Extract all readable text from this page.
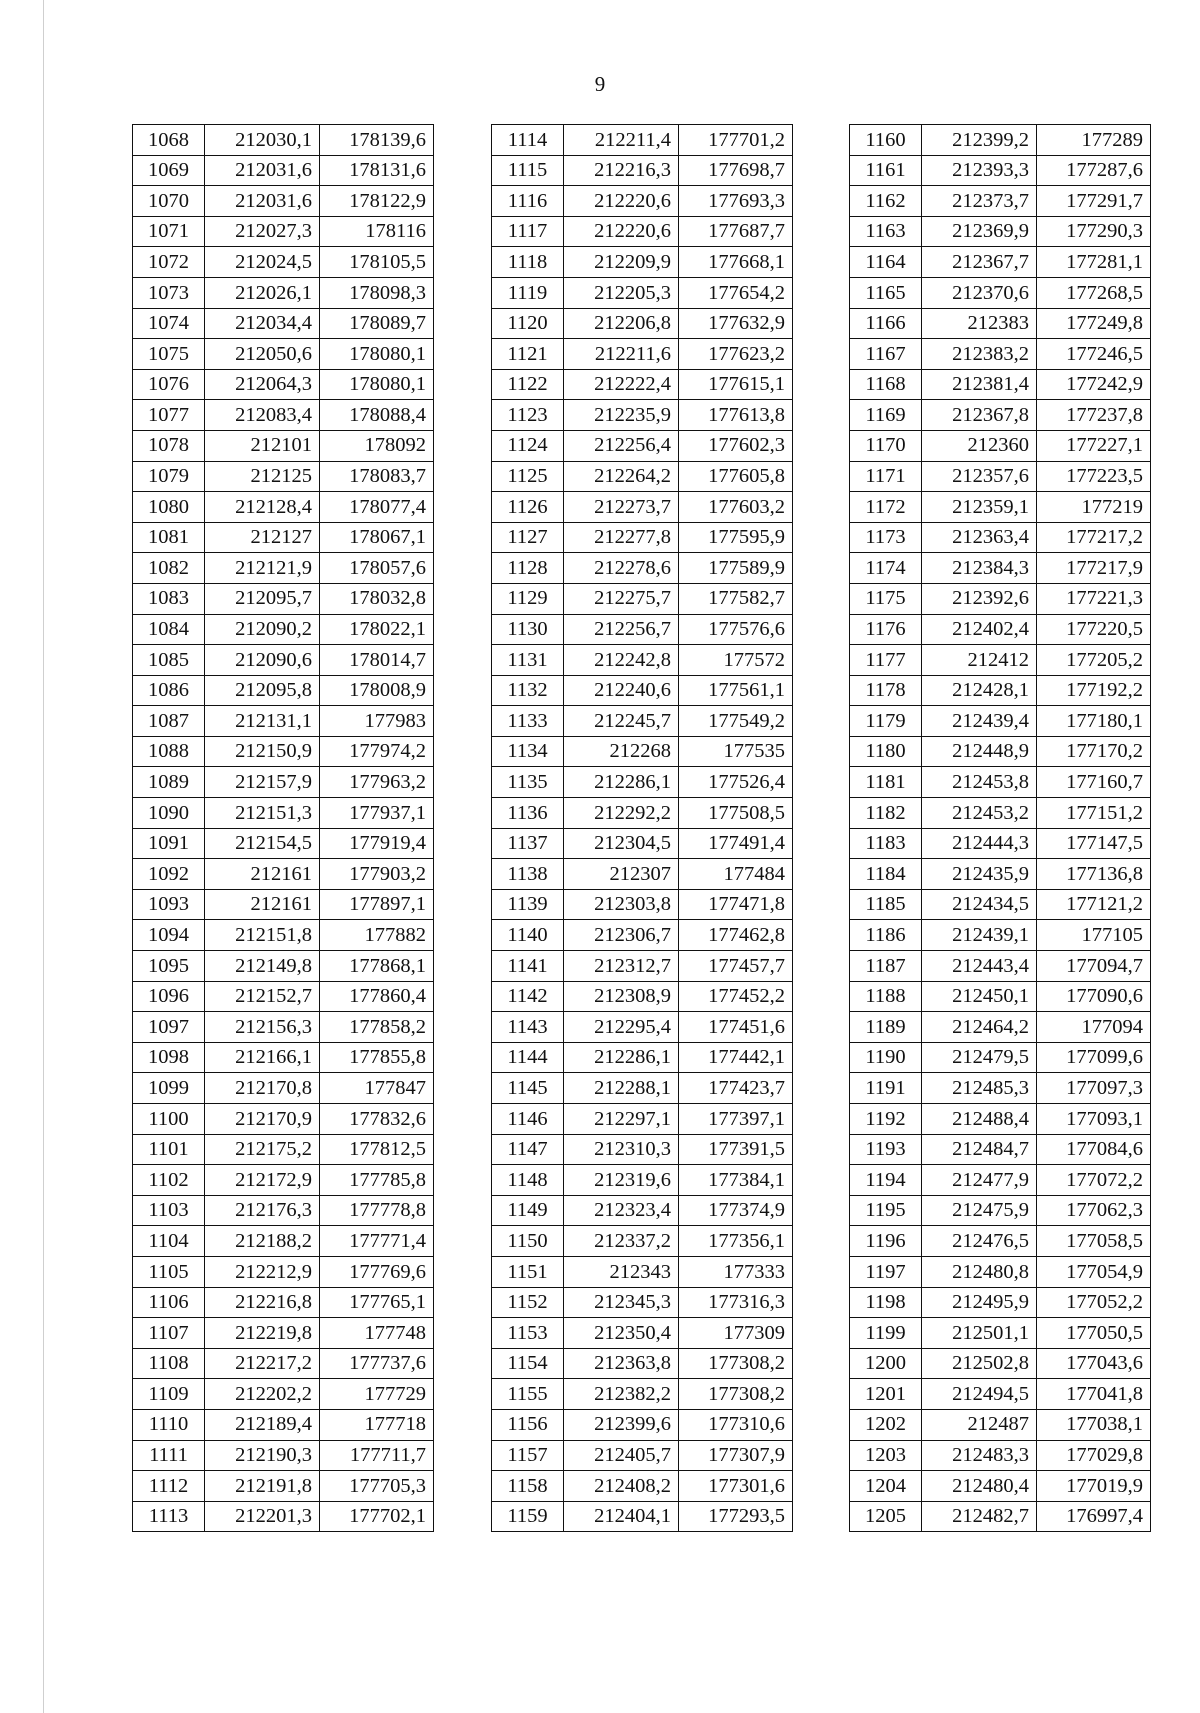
9
1068	212030,1	178139,6
1069	212031,6	178131,6
1070	212031,6	178122,9
1071	212027,3	178116
1072	212024,5	178105,5
1073	212026,1	178098,3
1074	212034,4	178089,7
1075	212050,6	178080,1
1076	212064,3	178080,1
1077	212083,4	178088,4
1078	212101	178092
1079	212125	178083,7
1080	212128,4	178077,4
1081	212127	178067,1
1082	212121,9	178057,6
1083	212095,7	178032,8
1084	212090,2	178022,1
1085	212090,6	178014,7
1086	212095,8	178008,9
1087	212131,1	177983
1088	212150,9	177974,2
1089	212157,9	177963,2
1090	212151,3	177937,1
1091	212154,5	177919,4
1092	212161	177903,2
1093	212161	177897,1
1094	212151,8	177882
1095	212149,8	177868,1
1096	212152,7	177860,4
1097	212156,3	177858,2
1098	212166,1	177855,8
1099	212170,8	177847
1100	212170,9	177832,6
1101	212175,2	177812,5
1102	212172,9	177785,8
1103	212176,3	177778,8
1104	212188,2	177771,4
1105	212212,9	177769,6
1106	212216,8	177765,1
1107	212219,8	177748
1108	212217,2	177737,6
1109	212202,2	177729
1110	212189,4	177718
1111	212190,3	177711,7
1112	212191,8	177705,3
1113	212201,3	177702,1
1114	212211,4	177701,2
1115	212216,3	177698,7
1116	212220,6	177693,3
1117	212220,6	177687,7
1118	212209,9	177668,1
1119	212205,3	177654,2
1120	212206,8	177632,9
1121	212211,6	177623,2
1122	212222,4	177615,1
1123	212235,9	177613,8
1124	212256,4	177602,3
1125	212264,2	177605,8
1126	212273,7	177603,2
1127	212277,8	177595,9
1128	212278,6	177589,9
1129	212275,7	177582,7
1130	212256,7	177576,6
1131	212242,8	177572
1132	212240,6	177561,1
1133	212245,7	177549,2
1134	212268	177535
1135	212286,1	177526,4
1136	212292,2	177508,5
1137	212304,5	177491,4
1138	212307	177484
1139	212303,8	177471,8
1140	212306,7	177462,8
1141	212312,7	177457,7
1142	212308,9	177452,2
1143	212295,4	177451,6
1144	212286,1	177442,1
1145	212288,1	177423,7
1146	212297,1	177397,1
1147	212310,3	177391,5
1148	212319,6	177384,1
1149	212323,4	177374,9
1150	212337,2	177356,1
1151	212343	177333
1152	212345,3	177316,3
1153	212350,4	177309
1154	212363,8	177308,2
1155	212382,2	177308,2
1156	212399,6	177310,6
1157	212405,7	177307,9
1158	212408,2	177301,6
1159	212404,1	177293,5
1160	212399,2	177289
1161	212393,3	177287,6
1162	212373,7	177291,7
1163	212369,9	177290,3
1164	212367,7	177281,1
1165	212370,6	177268,5
1166	212383	177249,8
1167	212383,2	177246,5
1168	212381,4	177242,9
1169	212367,8	177237,8
1170	212360	177227,1
1171	212357,6	177223,5
1172	212359,1	177219
1173	212363,4	177217,2
1174	212384,3	177217,9
1175	212392,6	177221,3
1176	212402,4	177220,5
1177	212412	177205,2
1178	212428,1	177192,2
1179	212439,4	177180,1
1180	212448,9	177170,2
1181	212453,8	177160,7
1182	212453,2	177151,2
1183	212444,3	177147,5
1184	212435,9	177136,8
1185	212434,5	177121,2
1186	212439,1	177105
1187	212443,4	177094,7
1188	212450,1	177090,6
1189	212464,2	177094
1190	212479,5	177099,6
1191	212485,3	177097,3
1192	212488,4	177093,1
1193	212484,7	177084,6
1194	212477,9	177072,2
1195	212475,9	177062,3
1196	212476,5	177058,5
1197	212480,8	177054,9
1198	212495,9	177052,2
1199	212501,1	177050,5
1200	212502,8	177043,6
1201	212494,5	177041,8
1202	212487	177038,1
1203	212483,3	177029,8
1204	212480,4	177019,9
1205	212482,7	176997,4
